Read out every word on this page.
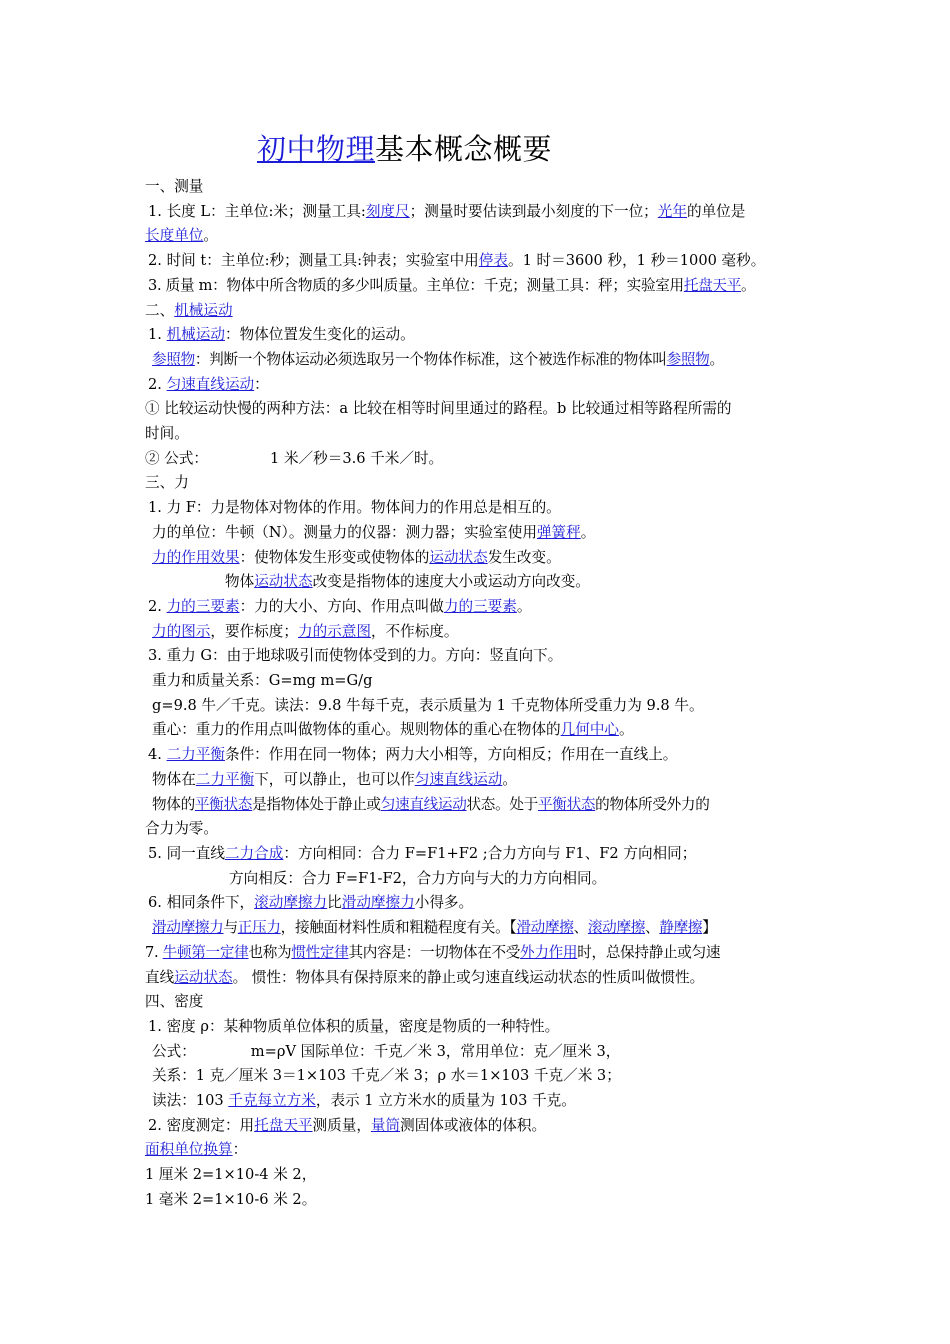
初中物理基本概念概要

一、测量

1. 长度 L：主单位:米；测量工具:刻度尺；测量时要估读到最小刻度的下一位；光年的单位是

长度单位。

2. 时间 t：主单位:秒；测量工具:钟表；实验室中用停表。1 时＝3600 秒，1 秒＝1000 毫秒。

3. 质量 m：物体中所含物质的多少叫质量。主单位：千克；测量工具：秤；实验室用托盘天平。

二、机械运动

1. 机械运动：物体位置发生变化的运动。

参照物：判断一个物体运动必须选取另一个物体作标准，这个被选作标准的物体叫参照物。

2. 匀速直线运动：

① 比较运动快慢的两种方法：a 比较在相等时间里通过的路程。b 比较通过相等路程所需的

时间。

② 公式：	1 米／秒＝3.6 千米／时。

三、力

1. 力 F：力是物体对物体的作用。物体间力的作用总是相互的。

力的单位：牛顿（N）。测量力的仪器：测力器；实验室使用弹簧秤。

力的作用效果：使物体发生形变或使物体的运动状态发生改变。

物体运动状态改变是指物体的速度大小或运动方向改变。

2. 力的三要素：力的大小、方向、作用点叫做力的三要素。

力的图示，要作标度；力的示意图，不作标度。

3. 重力 G：由于地球吸引而使物体受到的力。方向：竖直向下。

重力和质量关系：G=mg m=G/g

g=9.8 牛／千克。读法：9.8 牛每千克，表示质量为 1 千克物体所受重力为 9.8 牛。

重心：重力的作用点叫做物体的重心。规则物体的重心在物体的几何中心。

4. 二力平衡条件：作用在同一物体；两力大小相等，方向相反；作用在一直线上。

物体在二力平衡下，可以静止，也可以作匀速直线运动。

物体的平衡状态是指物体处于静止或匀速直线运动状态。处于平衡状态的物体所受外力的

合力为零。

5. 同一直线二力合成：方向相同：合力 F=F1+F2 ;合力方向与 F1、F2 方向相同；

方向相反：合力 F=F1-F2，合力方向与大的力方向相同。

6. 相同条件下，滚动摩擦力比滑动摩擦力小得多。

滑动摩擦力与正压力，接触面材料性质和粗糙程度有关。【滑动摩擦、滚动摩擦、静摩擦】

7. 牛顿第一定律也称为惯性定律其内容是：一切物体在不受外力作用时，总保持静止或匀速

直线运动状态。 惯性：物体具有保持原来的静止或匀速直线运动状态的性质叫做惯性。

四、密度

1. 密度 ρ：某种物质单位体积的质量，密度是物质的一种特性。

公式：	m=ρV 国际单位：千克／米 3，常用单位：克／厘米 3，

关系：1 克／厘米 3＝1×103 千克／米 3；ρ 水＝1×103 千克／米 3；

读法：103 千克每立方米，表示 1 立方米水的质量为 103 千克。

2. 密度测定：用托盘天平测质量，量筒测固体或液体的体积。

面积单位换算：

1 厘米 2=1×10-4 米 2，

1 毫米 2=1×10-6 米 2。
